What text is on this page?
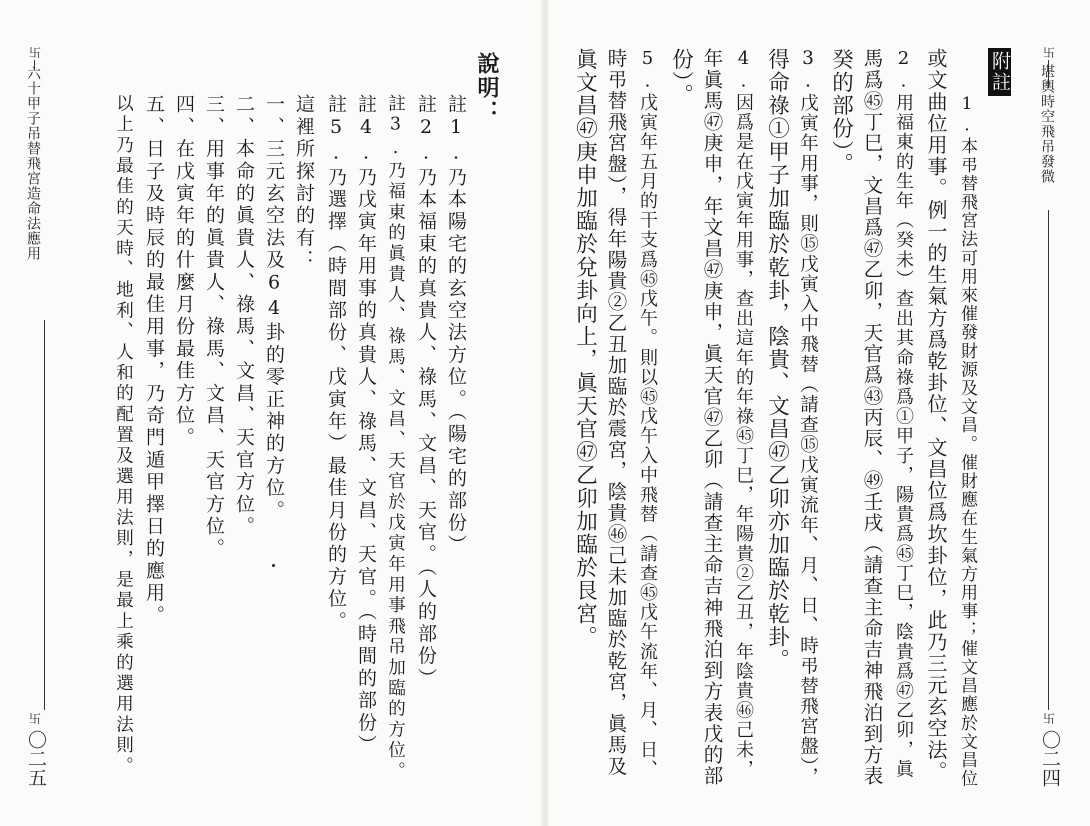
卐
堪輿時空飛吊發微
卐
〇二四
附註
1.本弔替飛宮法可用來催發財源及文昌。催財應在生氣方用事；催文昌應於文昌位
或文曲位用事。例一的生氣方爲乾卦位、文昌位爲坎卦位，此乃三元玄空法。
2.用福東的生年（癸未）查出其命祿爲①甲子，陽貴爲㊺丁巳，陰貴爲㊼乙卯，眞
馬爲㊺丁巳，文昌爲㊼乙卯，天官爲㊸丙辰、㊾壬戌（請查主命吉神飛泊到方表
癸的部份）。
3.戊寅年用事，則⑮戊寅入中飛替（請查⑮戊寅流年、月、日、時弔替飛宮盤），
得命祿①甲子加臨於乾卦，陰貴、文昌㊼乙卯亦加臨於乾卦。
4.因爲是在戊寅年用事，查出這年的年祿㊺丁巳，年陽貴②乙丑，年陰貴㊻己未，
年眞馬㊼庚申，年文昌㊼庚申，眞天官㊼乙卯（請查主命吉神飛泊到方表戊的部
份）。
5.戊寅年五月的干支爲㊺戊午。則以㊺戊午入中飛替（請查㊺戊午流年、月、日、
時弔替飛宮盤），得年陽貴②乙丑加臨於震宮，陰貴㊻己未加臨於乾宮，眞馬及
眞文昌㊼庚申加臨於兌卦向上，眞天官㊼乙卯加臨於艮宮。
卐
六十甲子吊替飛宮造命法應用
卐
〇二五
說明：
註1.乃本陽宅的玄空法方位。（陽宅的部份）
註2.乃本福東的真貴人、祿馬、文昌、天官。（人的部份）
註3.乃福東的眞貴人、祿馬、文昌、天官於戊寅年用事飛吊加臨的方位。
註4.乃戊寅年用事的真貴人、祿馬、文昌、天官。（時間的部份）
註5.乃選擇（時間部份、戊寅年）最佳月份的方位。
這裡所探討的有：
一、三元玄空法及64卦的零正神的方位。
二、本命的眞貴人、祿馬、文昌、天官方位。
三、用事年的眞貴人、祿馬、文昌、天官方位。
四、在戊寅年的什麼月份最佳方位。
五、日子及時辰的最佳用事，乃奇門遁甲擇日的應用。
以上乃最佳的天時、地利、人和的配置及選用法則，是最上乘的選用法則。
